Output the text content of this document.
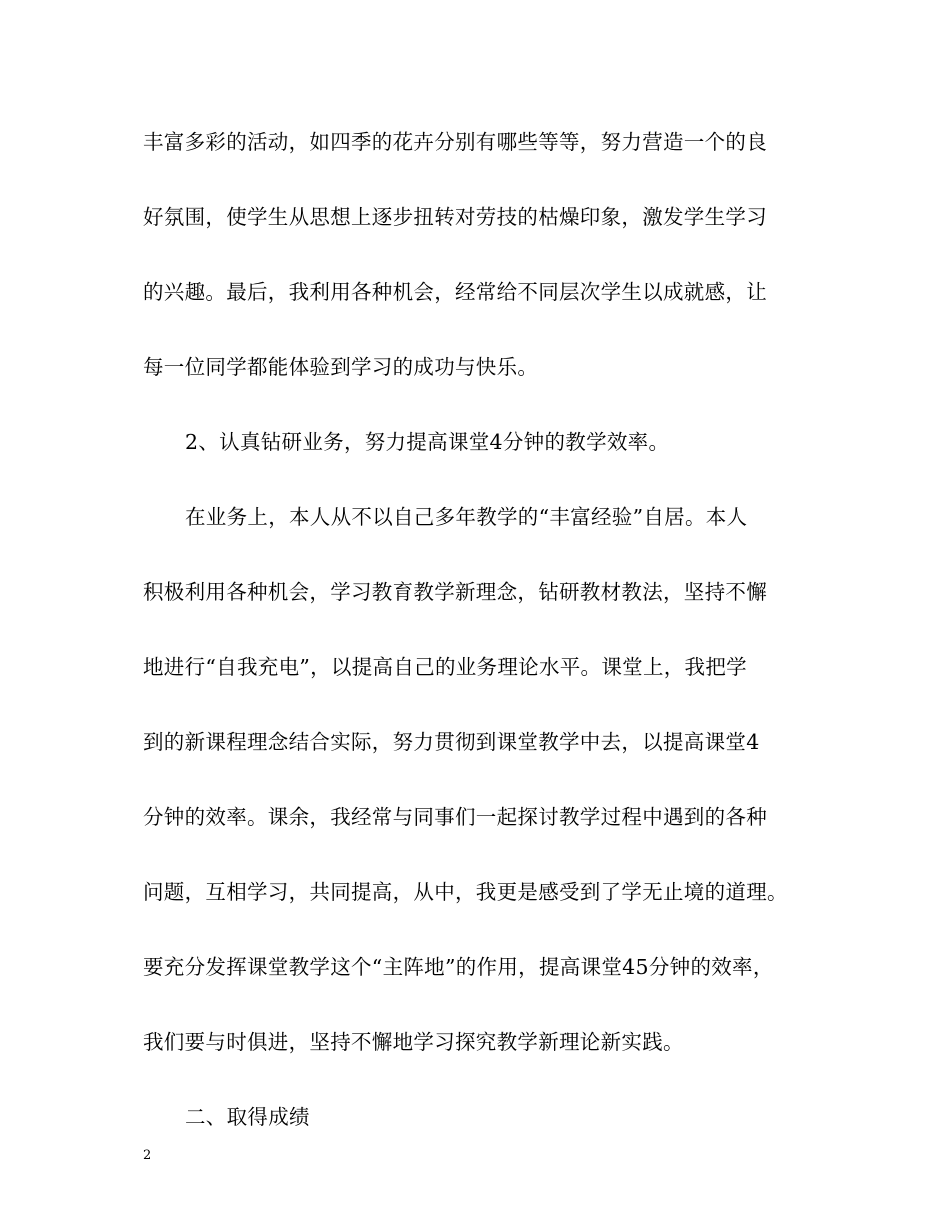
丰富多彩的活动，如四季的花卉分别有哪些等等，努力营造一个的良
好氛围，使学生从思想上逐步扭转对劳技的枯燥印象，激发学生学习
的兴趣。最后，我利用各种机会，经常给不同层次学生以成就感，让
每一位同学都能体验到学习的成功与快乐。
2、认真钻研业务，努力提高课堂4分钟的教学效率。
在业务上，本人从不以自己多年教学的“丰富经验”自居。本人
积极利用各种机会，学习教育教学新理念，钻研教材教法，坚持不懈
地进行“自我充电”，以提高自己的业务理论水平。课堂上，我把学
到的新课程理念结合实际，努力贯彻到课堂教学中去，以提高课堂4
分钟的效率。课余，我经常与同事们一起探讨教学过程中遇到的各种
问题，互相学习，共同提高，从中，我更是感受到了学无止境的道理。
要充分发挥课堂教学这个“主阵地”的作用，提高课堂45分钟的效率，
我们要与时俱进，坚持不懈地学习探究教学新理论新实践。
二、取得成绩
2
